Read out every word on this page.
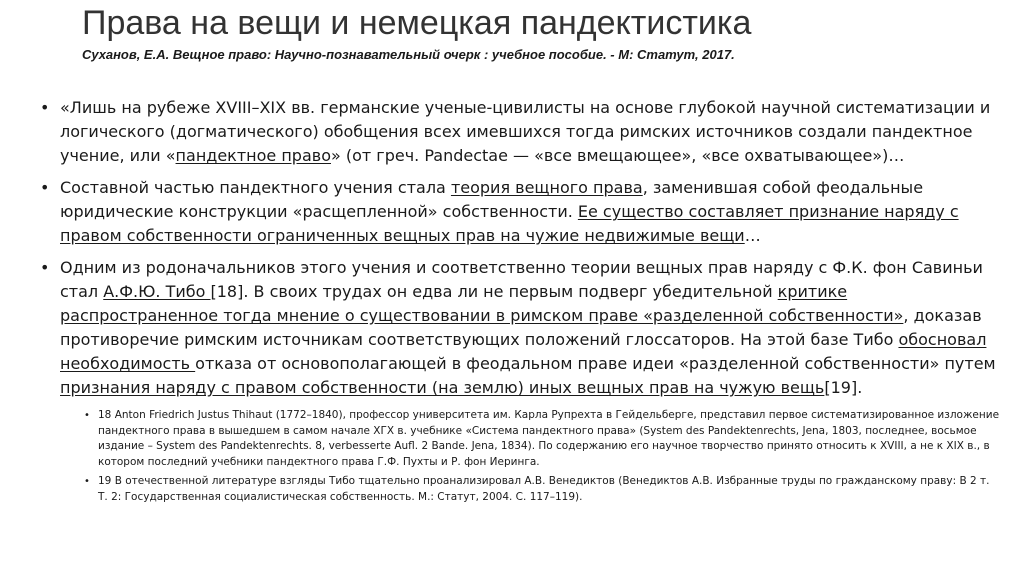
Права на вещи и немецкая пандектистика

Суханов, Е.А. Вещное право: Научно-познавательный очерк : учебное пособие. - М: Статут, 2017.

• «Лишь на рубеже XVIII–XIX вв. германские ученые-цивилисты на основе глубокой научной систематизации и логического (догматического) обобщения всех имевшихся тогда римских источников создали пандектное учение, или «пандектное право» (от греч. Pandectae — «все вмещающее», «все охватывающее»)…
• Составной частью пандектного учения стала теория вещного права, заменившая собой феодальные юридические конструкции «расщепленной» собственности. Ее существо составляет признание наряду с правом собственности ограниченных вещных прав на чужие недвижимые вещи…
• Одним из родоначальников этого учения и соответственно теории вещных прав наряду с Ф.К. фон Савиньи стал А.Ф.Ю. Тибо [18]. В своих трудах он едва ли не первым подверг убедительной критике распространенное тогда мнение о существовании в римском праве «разделенной собственности», доказав противоречие римским источникам соответствующих положений глоссаторов. На этой базе Тибо обосновал необходимость отказа от основополагающей в феодальном праве идеи «разделенной собственности» путем признания наряду с правом собственности (на землю) иных вещных прав на чужую вещь[19].
• 18 Anton Friedrich Justus Thihaut (1772–1840), профессор университета им. Карла Рупрехта в Гейдельберге, представил первое систематизированное изложение пандектного права в вышедшем в самом начале XГX в. учебнике «Система пандектного права» (System des Pandektenrechts, Jena, 1803, последнее, восьмое издание – System des Pandektenrechts. 8, verbesserte Aufl. 2 Bande. Jena, 1834). По содержанию его научное творчество принято относить к XVIII, а не к XIX в., в котором последний учебники пандектного права Г.Ф. Пухты и Р. фон Иеринга.
• 19 В отечественной литературе взгляды Тибо тщательно проанализировал А.В. Венедиктов (Венедиктов А.В. Избранные труды по гражданскому праву: В 2 т. Т. 2: Государственная социалистическая собственность. М.: Статут, 2004. С. 117–119).
